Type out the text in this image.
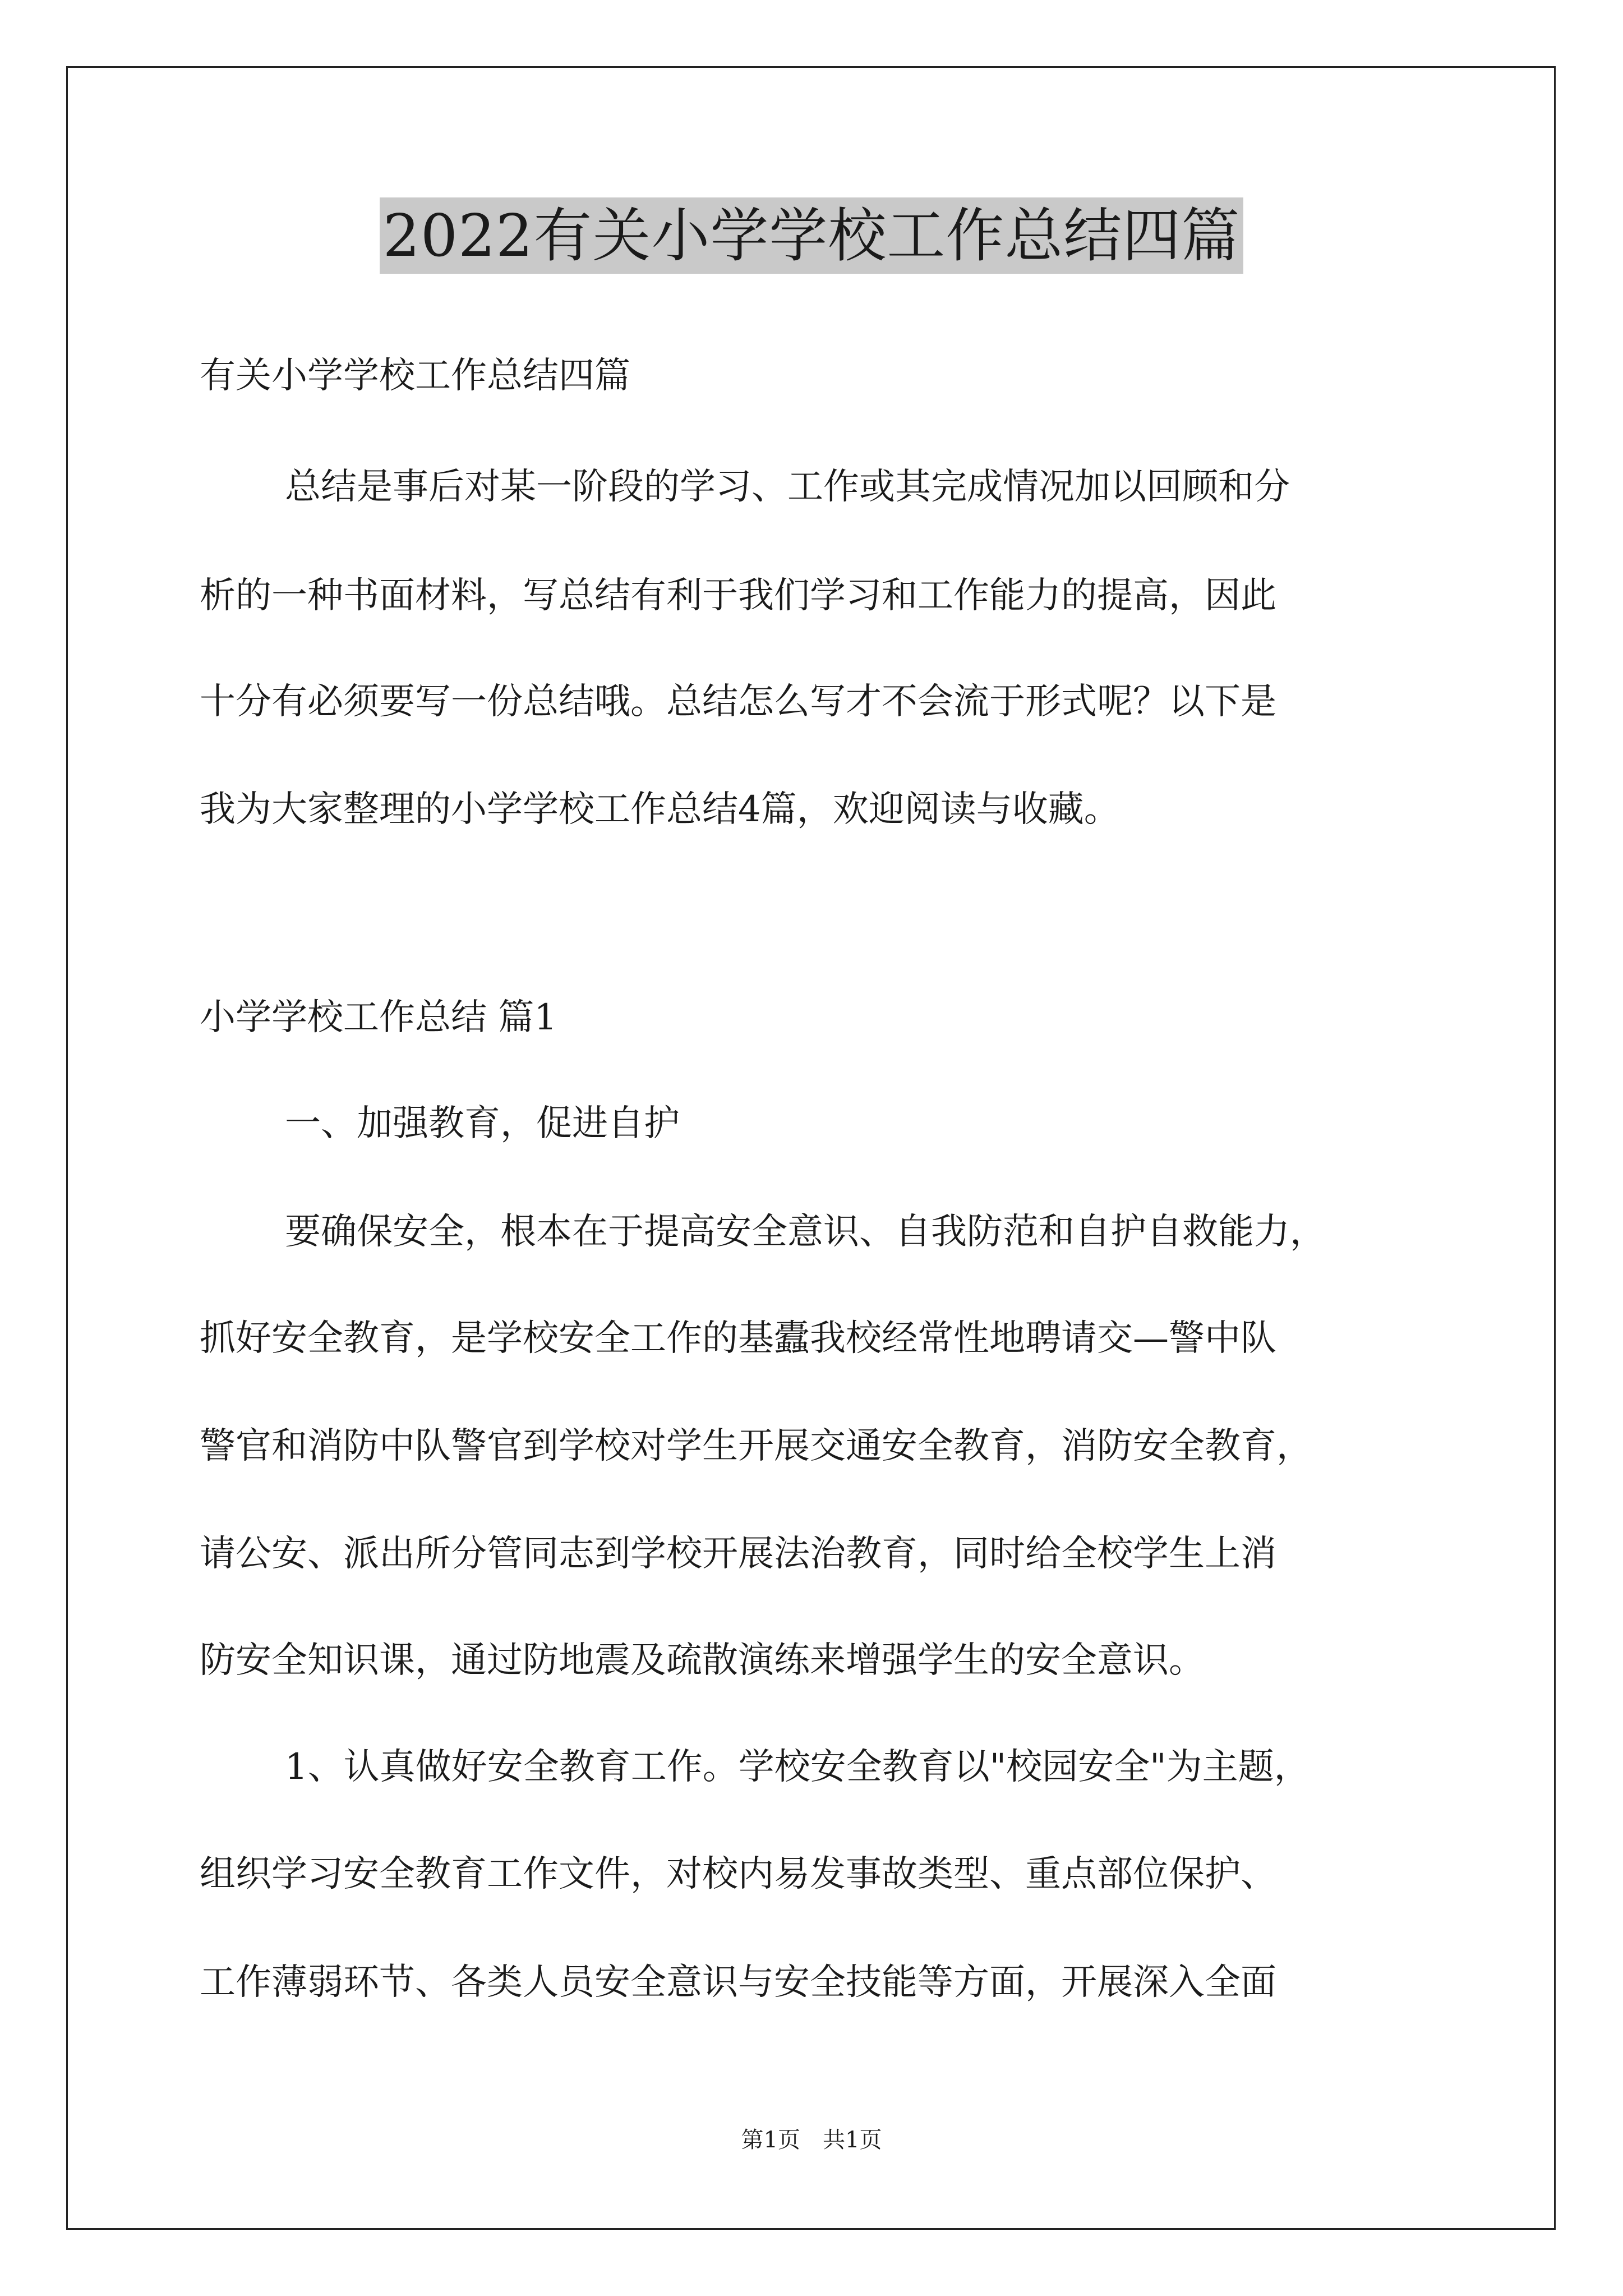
2022有关小学学校工作总结四篇
有关小学学校工作总结四篇
总结是事后对某一阶段的学习、工作或其完成情况加以回顾和分
析的一种书面材料，写总结有利于我们学习和工作能力的提高，因此
十分有必须要写一份总结哦。总结怎么写才不会流于形式呢？以下是
我为大家整理的小学学校工作总结4篇，欢迎阅读与收藏。
小学学校工作总结 篇1
一、加强教育，促进自护
要确保安全，根本在于提高安全意识、自我防范和自护自救能力，
抓好安全教育，是学校安全工作的基蠹我校经常性地聘请交—警中队
警官和消防中队警官到学校对学生开展交通安全教育，消防安全教育，
请公安、派出所分管同志到学校开展法治教育，同时给全校学生上消
防安全知识课，通过防地震及疏散演练来增强学生的安全意识。
1、认真做好安全教育工作。学校安全教育以"校园安全"为主题，
组织学习安全教育工作文件，对校内易发事故类型、重点部位保护、
工作薄弱环节、各类人员安全意识与安全技能等方面，开展深入全面
第1页　共1页
